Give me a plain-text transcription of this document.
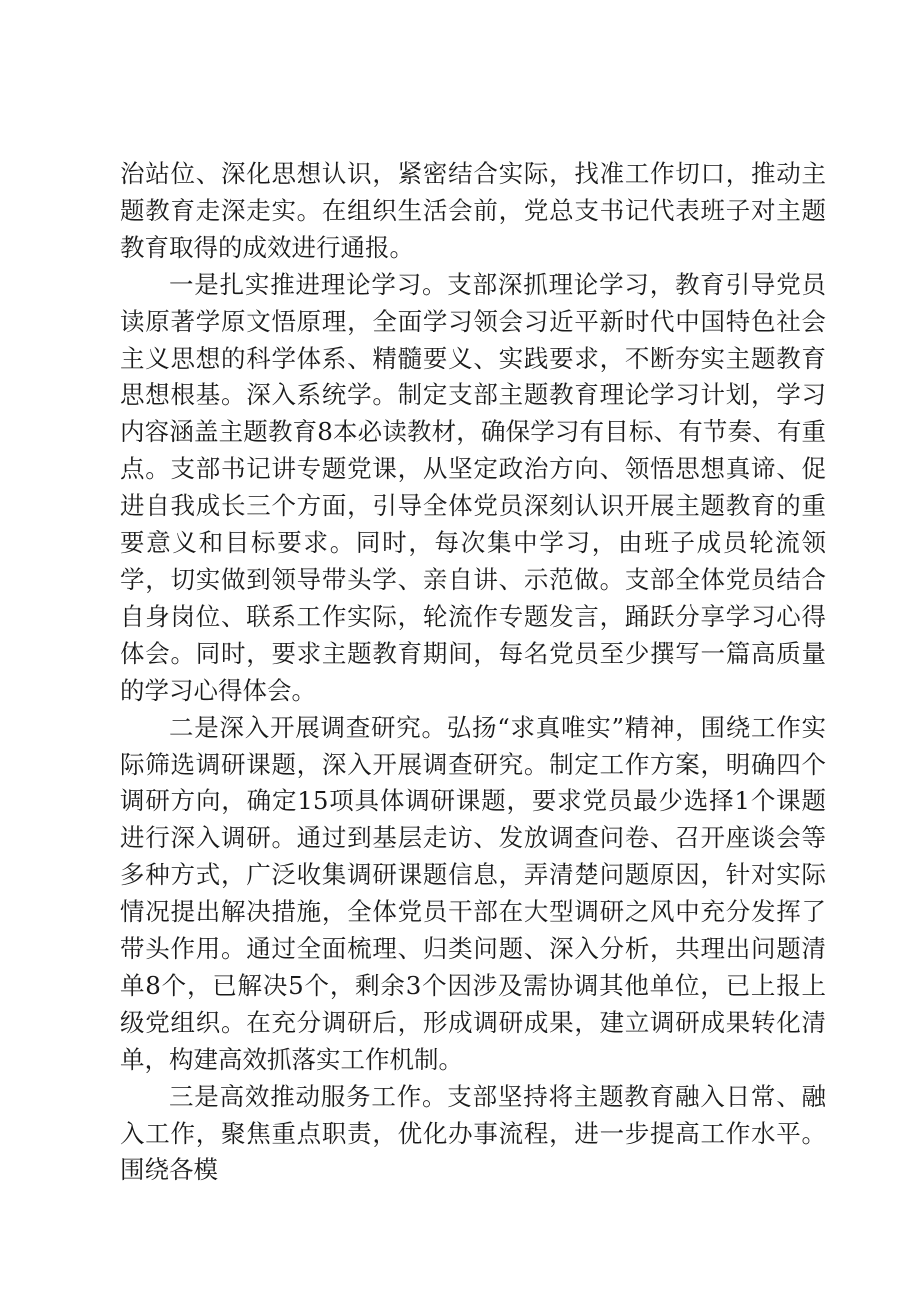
治站位、深化思想认识，紧密结合实际，找准工作切口，推动主题教育走深走实。在组织生活会前，党总支书记代表班子对主题教育取得的成效进行通报。

一是扎实推进理论学习。支部深抓理论学习，教育引导党员读原著学原文悟原理，全面学习领会习近平新时代中国特色社会主义思想的科学体系、精髓要义、实践要求，不断夯实主题教育思想根基。深入系统学。制定支部主题教育理论学习计划，学习内容涵盖主题教育8本必读教材，确保学习有目标、有节奏、有重点。支部书记讲专题党课，从坚定政治方向、领悟思想真谛、促进自我成长三个方面，引导全体党员深刻认识开展主题教育的重要意义和目标要求。同时，每次集中学习，由班子成员轮流领学，切实做到领导带头学、亲自讲、示范做。支部全体党员结合自身岗位、联系工作实际，轮流作专题发言，踊跃分享学习心得体会。同时，要求主题教育期间，每名党员至少撰写一篇高质量的学习心得体会。

二是深入开展调查研究。弘扬“求真唯实”精神，围绕工作实际筛选调研课题，深入开展调查研究。制定工作方案，明确四个调研方向，确定15项具体调研课题，要求党员最少选择1个课题进行深入调研。通过到基层走访、发放调查问卷、召开座谈会等多种方式，广泛收集调研课题信息，弄清楚问题原因，针对实际情况提出解决措施，全体党员干部在大型调研之风中充分发挥了带头作用。通过全面梳理、归类问题、深入分析，共理出问题清单8个，已解决5个，剩余3个因涉及需协调其他单位，已上报上级党组织。在充分调研后，形成调研成果，建立调研成果转化清单，构建高效抓落实工作机制。

三是高效推动服务工作。支部坚持将主题教育融入日常、融入工作，聚焦重点职责，优化办事流程，进一步提高工作水平。围绕各模
